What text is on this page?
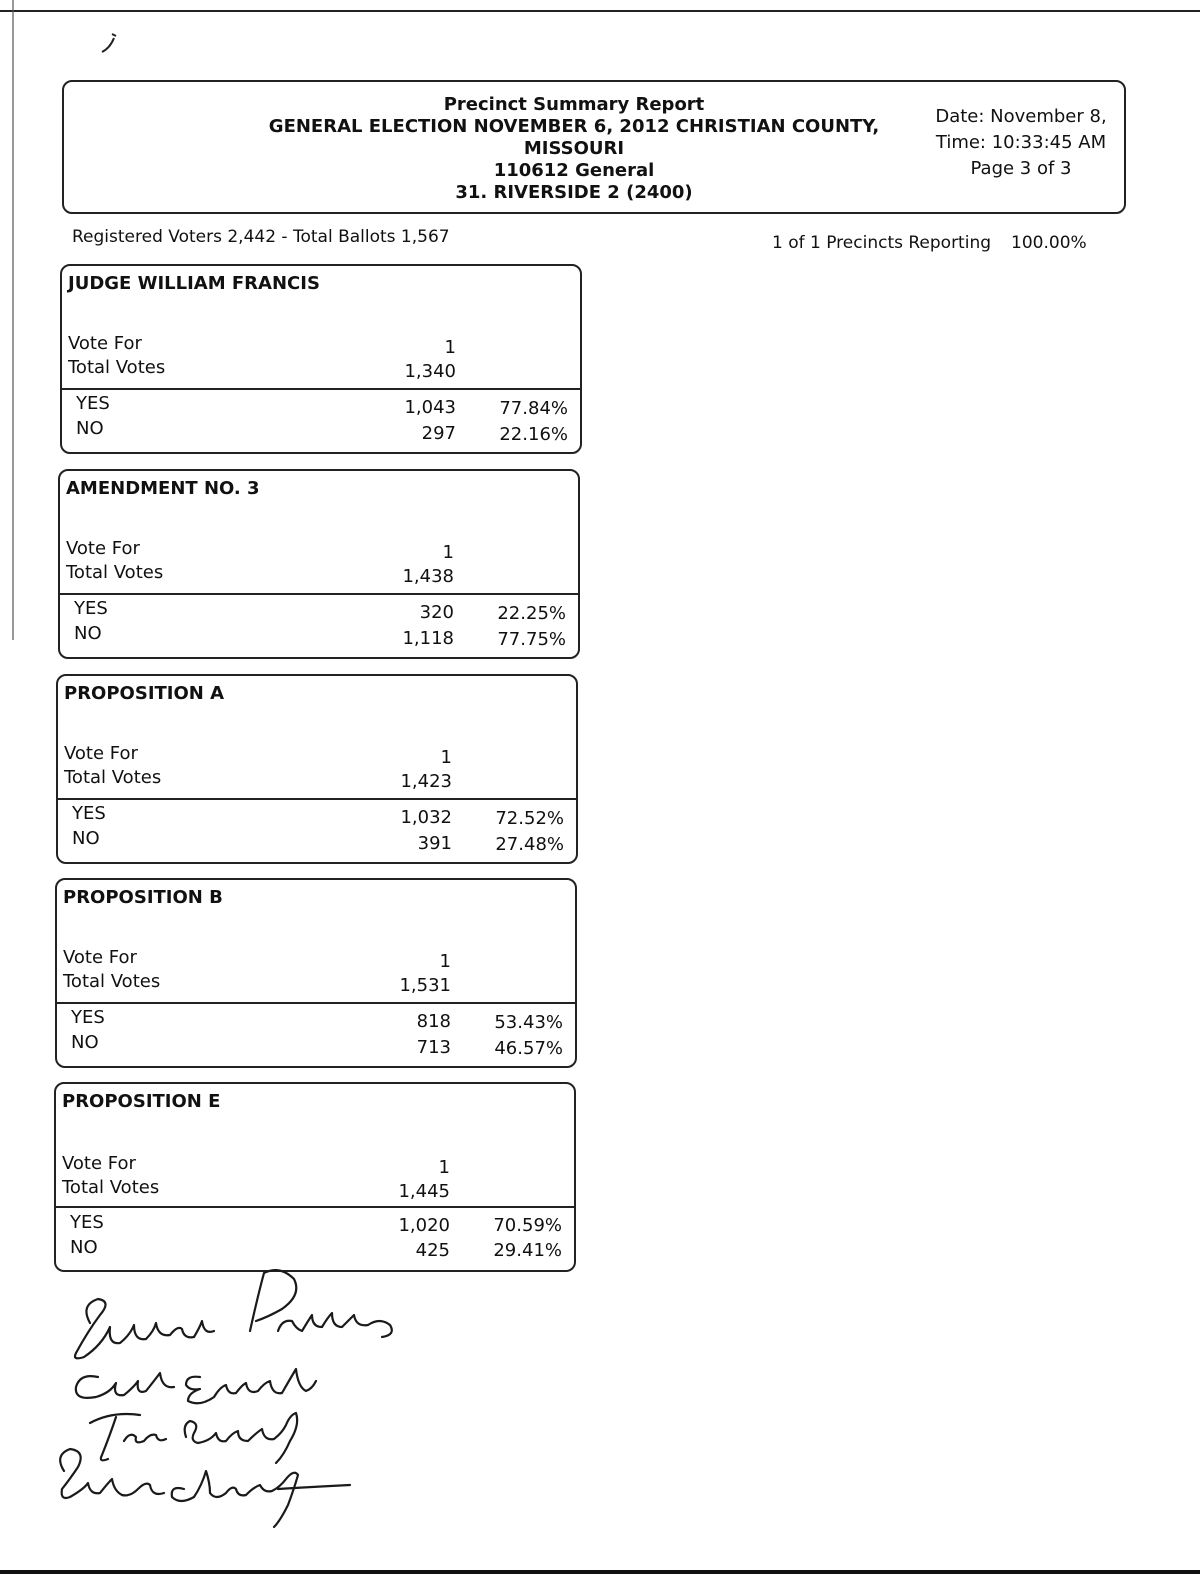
Precinct Summary Report
GENERAL ELECTION NOVEMBER 6, 2012 CHRISTIAN COUNTY,
MISSOURI
110612 General
31. RIVERSIDE 2 (2400)
Date: November 8,
Time: 10:33:45 AM
Page 3 of 3
Registered Voters 2,442 - Total Ballots 1,567	1 of 1 Precincts Reporting 100.00%
JUDGE WILLIAM FRANCIS
Vote For	1
Total Votes	1,340
YES	1,043 77.84%
NO	297 22.16%
AMENDMENT NO. 3
Vote For	1
Total Votes	1,438
YES	320 22.25%
NO	1,118 77.75%
PROPOSITION A
Vote For	1
Total Votes	1,423
YES	1,032 72.52%
NO	391 27.48%
PROPOSITION B
Vote For	1
Total Votes	1,531
YES	818 53.43%
NO	713 46.57%
PROPOSITION E
Vote For	1
Total Votes	1,445
YES	1,020 70.59%
NO	425 29.41%
